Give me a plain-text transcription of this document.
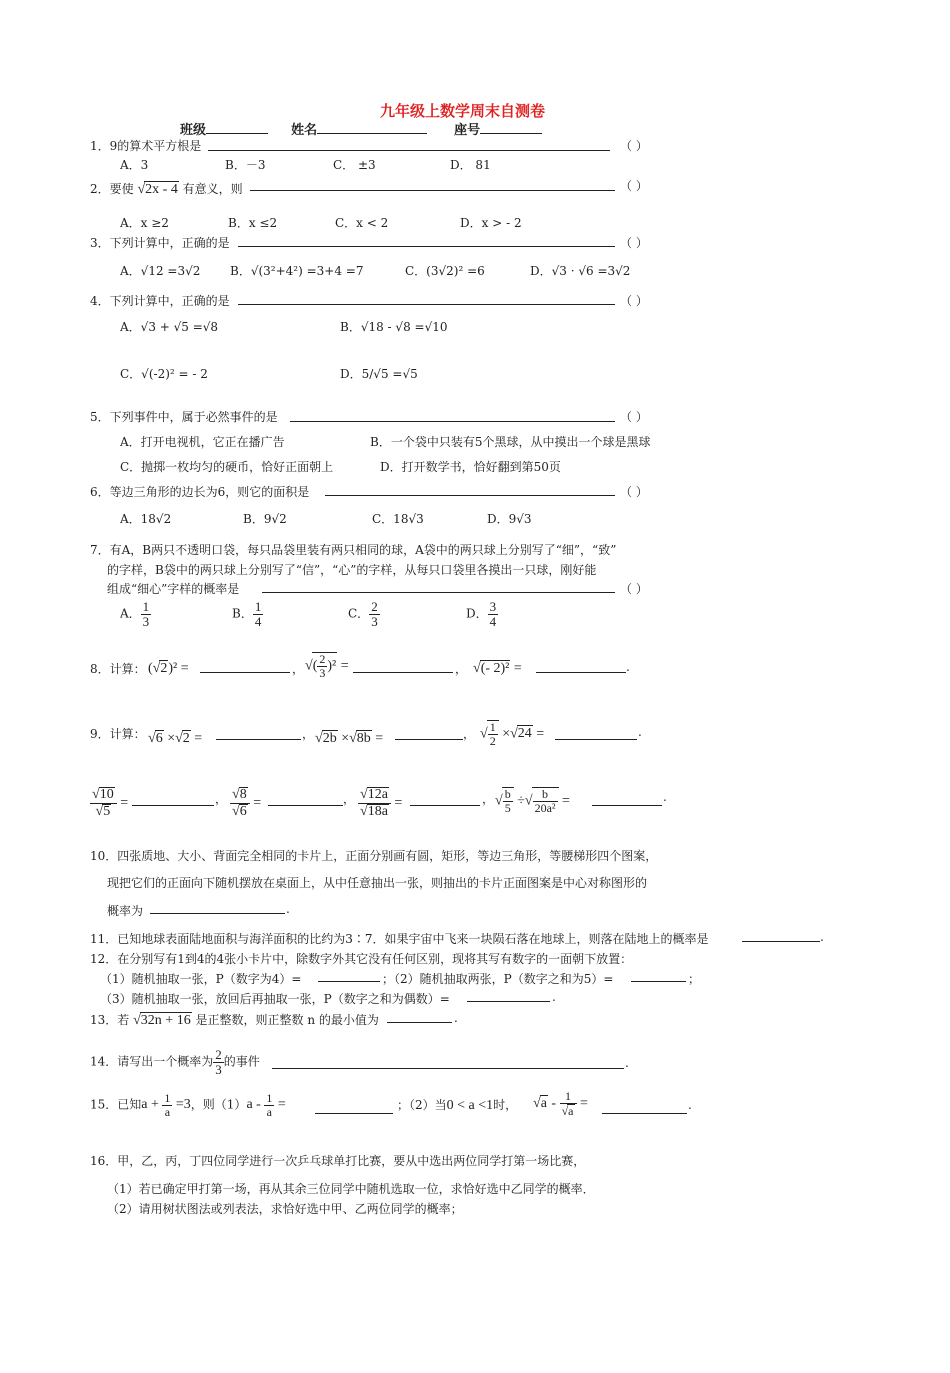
九年级上数学周末自测卷
班级	姓名	座号
1．9的算术平方根是	（ ）
A．3	B．－3	C． ±3	D． 81
2．要使 √2x - 4 有意义，则	（ ）
A．x ≥2	B．x ≤2	C．x < 2	D．x > - 2
3．下列计算中，正确的是	（ ）
A．√12 =3√2 B．√(3²+4²) =3+4 =7	C．(3√2)² =6	D．√3 · √6 =3√2
4．下列计算中，正确的是	（ ）
A．√3 + √5 =√8	B．√18 - √8 =√10
C．√(-2)² = - 2	D．5/√5 =√5
5．下列事件中，属于必然事件的是	（ ）
A．打开电视机，它正在播广告	B．一个袋中只装有5个黑球，从中摸出一个球是黑球
C．抛掷一枚均匀的硬币，恰好正面朝上	D．打开数学书，恰好翻到第50页
6．等边三角形的边长为6，则它的面积是	（ ）
A．18√2	B．9√2	C．18√3	D．9√3
7．有A，B两只不透明口袋，每只品袋里装有两只相同的球，A袋中的两只球上分别写了“细”，“致”
的字样，B袋中的两只球上分别写了“信”，“心”的字样，从每只口袋里各摸出一只球，刚好能
组成“细心”字样的概率是	（ ）
A． $\frac{1}{3}$	B． $\frac{1}{4}$	C． $\frac{2}{3}$	D． $\frac{3}{4}$
8．计算： (√2)² =	， √( $\frac{2}{3} )^2$ =	， √(- 2)² =	.
9．计算： √6 ×√2 =	， √2b ×√8b =	， √ $\frac{1}{2} \times√24$ =	.
$\frac{√10}{√5}$ =	， $\frac{√8}{√6}$ =	， $\frac{√12a}{√18a}$ =	， √ $\frac{b}{5}$ ÷√ $\frac{b}{\text{20a²}}$ =	.
10．四张质地、大小、背面完全相同的卡片上，正面分别画有圆，矩形，等边三角形，等腰梯形四个图案，
现把它们的正面向下随机摆放在桌面上，从中任意抽出一张，则抽出的卡片正面图案是中心对称图形的
概率为	.
11．已知地球表面陆地面积与海洋面积的比约为3∶7．如果宇宙中飞来一块陨石落在地球上，则落在陆地上的概率是	.
12．在分别写有1到4的4张小卡片中，除数字外其它没有任何区别，现将其写有数字的一面朝下放置：
（1）随机抽取一张，P（数字为4）=	；（2）随机抽取两张，P（数字之和为5）=	；
（3）随机抽取一张，放回后再抽取一张，P（数字之和为偶数）=	.
13．若 √32n + 16 是正整数，则正整数 n 的最小值为	.
14．请写出一个概率为 $\frac{2}{3}$ 的事件	.
15．已知$a + \frac{1}{a} =3$，则$(1)a - \frac{1}{a}$ =	；（2）当0 < a <1时， $√a - \frac{1}{√a}$ =	.
16．甲，乙，丙，丁四位同学进行一次乒乓球单打比赛，要从中选出两位同学打第一场比赛，
（1）若已确定甲打第一场，再从其余三位同学中随机选取一位，求恰好选中乙同学的概率．
（2）请用树状图法或列表法，求恰好选中甲、乙两位同学的概率；
